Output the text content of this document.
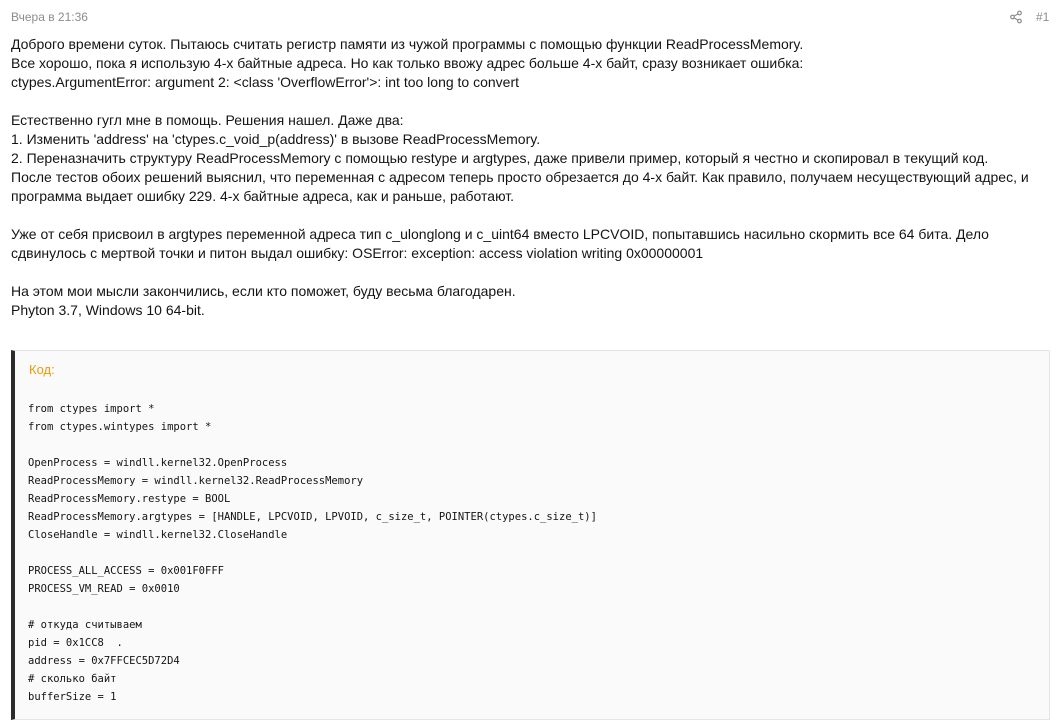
Вчера в 21:36	#1

Доброго времени суток. Пытаюсь считать регистр памяти из чужой программы с помощью функции ReadProcessMemory.
Все хорошо, пока я использую 4-х байтные адреса. Но как только ввожу адрес больше 4-х байт, сразу возникает ошибка:
ctypes.ArgumentError: argument 2: <class 'OverflowError'>: int too long to convert

Естественно гугл мне в помощь. Решения нашел. Даже два:
1. Изменить 'address' на 'ctypes.c_void_p(address)' в вызове ReadProcessMemory.
2. Переназначить структуру ReadProcessMemory с помощью restype и argtypes, даже привели пример, который я честно и скопировал в текущий код.
После тестов обоих решений выяснил, что переменная с адресом теперь просто обрезается до 4-х байт. Как правило, получаем несуществующий адрес, и программа выдает ошибку 229. 4-х байтные адреса, как и раньше, работают.

Уже от себя присвоил в argtypes переменной адреса тип c_ulonglong и c_uint64 вместо LPCVOID, попытавшись насильно скормить все 64 бита. Дело сдвинулось с мертвой точки и питон выдал ошибку: OSError: exception: access violation writing 0x00000001

На этом мои мысли закончились, если кто поможет, буду весьма благодарен.
Phyton 3.7, Windows 10 64-bit.

Код:
from ctypes import *
from ctypes.wintypes import *

OpenProcess = windll.kernel32.OpenProcess
ReadProcessMemory = windll.kernel32.ReadProcessMemory
ReadProcessMemory.restype = BOOL
ReadProcessMemory.argtypes = [HANDLE, LPCVOID, LPVOID, c_size_t, POINTER(ctypes.c_size_t)]
CloseHandle = windll.kernel32.CloseHandle

PROCESS_ALL_ACCESS = 0x001F0FFF
PROCESS_VM_READ = 0x0010

# откуда считываем
pid = 0x1CC8  .
address = 0x7FFCEC5D72D4
# сколько байт
bufferSize = 1
